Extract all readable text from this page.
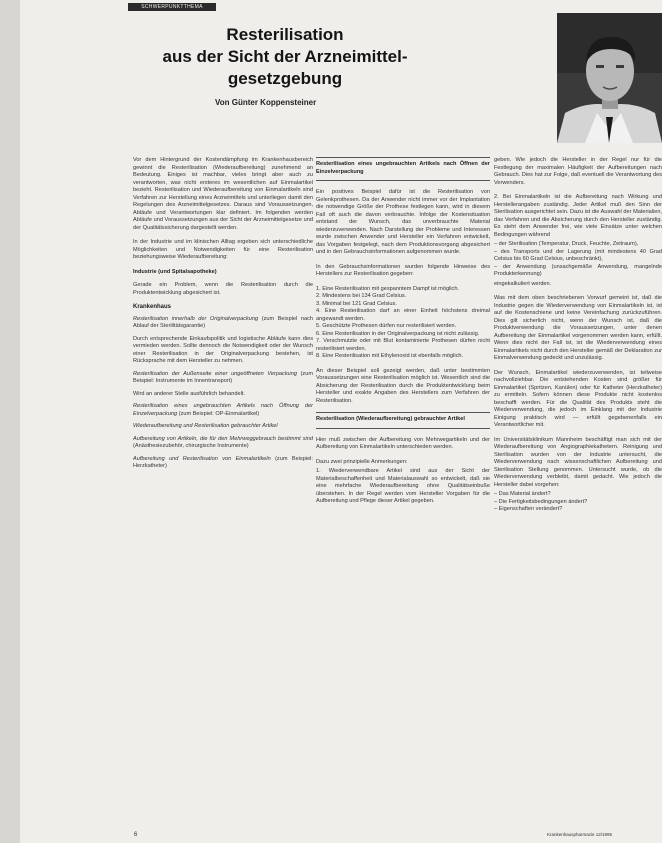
SCHWERPUNKTTHEMA
Resterilisation
aus der Sicht der Arzneimittel-
gesetzgebung
Von Günter Koppensteiner

Vor dem Hintergrund der Kostendämpfung im Krankenhausbereich gewinnt die Resterilisation (Wiederaufbereitung) zunehmend an Bedeutung. Einiges ist machbar, vieles bringt aber auch zu verantworten, was nicht ersteres im wesentlichen auf Einmalartikel bezieht. Resterilisation und Wiederaufbereitung von Einmalartikeln sind Verfahren zur Herstellung eines Arzneimittels und unterliegen damit den Regelungen des Arzneimittelgesetzes. Daraus sind Voraussetzungen, Abläufe und Verantwortungen klar definiert. Im folgenden werden Abläufe und Voraussetzungen aus der Sicht der Arzneimittelgesetze und der Qualitätssicherung dargestellt werden.

In der Industrie und im klinischen Alltag ergeben sich unterschiedliche Möglichkeiten und Notwendigkeiten für eine Resterilisation beziehungsweise Wiederaufbereitung:

Industrie (und Spitalsapotheke)

Gerade ein Problem, wenn die Resterilisation durch die Produktentwicklung abgesichert ist.

Krankenhaus

Resterilisation innerhalb der Originalverpackung (zum Beispiel nach Ablauf der Sterilitätsgarantie)

Durch entsprechende Einkaufspolitik und logistische Abläufe kann dies vermieden werden. Sollte dennoch die Notwendigkeit oder der Wunsch einer Resterilisation in der Originalverpackung bestehen, ist Rücksprache mit dem Hersteller zu nehmen.

Resterilisation der Außenseite einer ungeöffneten Verpackung (zum Beispiel: Instrumente im Innentransport)

Wird an anderer Stelle ausführlich behandelt.

Resterilisation eines ungebrauchten Artikels nach Öffnung der Einzelverpackung (zum Beispiel: OP-Einmalartikel)

Wiederaufbereitung und Resterilisation gebrauchter Artikel

Aufbereitung von Artikeln, die für den Mehrweggebrauch bestimmt sind (Anästhesiezubehör, chirurgische Instrumente)

Aufbereitung und Resterilisation von Einmalartikeln (zum Beispiel: Herzkatheter)

Resterilisation eines ungebrauchten Artikels nach Öffnen der Einzelverpackung

Ein positives Beispiel dafür ist die Resterilisation von Gelenkprothesen. Da der Anwender nicht immer vor der Implantation die notwendige Größe der Prothese festlegen kann, wird in diesem Fall oft auch die davon verbrauchte. Infolge der Kostensituation entstand der Wunsch, das unverbrauchte Material wiederzuverwenden. Nach Darstellung der Probleme und Interessen wurde zwischen Anwender und Hersteller ein Verfahren entwickelt, das Vorgaben festgelegt, nach dem Produktionsvorgang abgesichert und in den Gebrauchsinformationen aufgenommen wurde.

In den Gebrauchsinformationen wurden folgende Hinweise des Herstellers zur Resterilisation gegeben:

1. Eine Resterilisation mit gespanntem Dampf ist möglich.
2. Mindestens bei 134 Grad Celsius.
3. Minimal bei 121 Grad Celsius.
4. Eine Resterilisation darf an einer Einheit höchstens dreimal angewandt werden.
5. Geschützte Prothesen dürfen nur resterilisiert werden.
6. Eine Resterilisation in der Originalverpackung ist nicht zulässig.
7. Verschmutzte oder mit Blut kontaminierte Prothesen dürfen nicht resterilisiert werden.
8. Eine Resterilisation mit Ethylenoxid ist ebenfalls möglich.

An dieser Beispiel soll gezeigt werden, daß unter bestimmten Voraussetzungen eine Resterilisation möglich ist. Wesentlich sind die Absicherung der Resterilisation durch die Produktentwicklung beim Hersteller und exakte Angaben des Herstellers zum Verfahren der Resterilisation.

Resterilisation (Wiederaufbereitung) gebrauchter Artikel

Hier muß zwischen der Aufbereitung von Mehrwegartikeln und der Aufbereitung von Einmalartikeln unterschieden werden.

Dazu zwei prinzipielle Anmerkungen:

1. Wiederverwendbare Artikel sind aus der Sicht der Materialbeschaffenheit und Materialauswahl so entwickelt, daß sie eine mehrfache Wiederaufbereitung ohne Qualitätseinbuße überstehen. In der Regel werden vom Hersteller Vorgaben für die Aufbereitung und Pflege dieser Artikel gegeben.

geben. Wie jedoch die Hersteller in der Regel nur für die Festlegung der maximalen Häufigkeit der Aufbereitungen nach Gebrauch. Dies hat zur Folge, daß eventuell die Verantwortung des Verwenders.

2. Bei Einmalartikeln ist die Aufbereitung nach Wirkung und Herstellerangaben zuständig. Jeder Artikel muß den Sinn der Sterilisation ausgerichtet sein. Dazu ist die Auswahl der Materialien, das Verfahren und die Absicherung durch den Hersteller zuständig. Es steht dem Anwender frei, wie viele Einsätze unter welchen Bedingungen während

– der Sterilisation (Temperatur, Druck, Feuchte, Zeitraum),
– des Transports und der Lagerung (mit mindestens 40 Grad Celsius bis 60 Grad Celsius, unbeschränkt),
– der Anwendung (unsachgemäße Anwendung, mangelnde Produkterkennung)

eingekalkuliert werden.

Was mit dem oben beschriebenen Vorwurf gemeint ist, daß die Industrie gegen die Wiederverwendung von Einmalartikeln ist, ist auf die Kostenschiene und keine Vereinfachung zurückzuführen. Dies gilt sicherlich nicht, wenn der Wunsch ist, daß die Produktverwendung die Voraussetzungen, unter denen Aufbereitung der Einmalartikel vorgenommen werden kann, erfüllt. Wenn dies nicht der Fall ist, ist die Wiederverwendung eines Einmalartikels nicht durch den Hersteller gemäß der Deklaration zur Einmalverwendung gedeckt und unzulässig.

Der Wunsch, Einmalartikel wiederzuverwenden, ist teilweise nachvollziehbar. Die entstehenden Kosten sind größer für Einmalartikel (Spritzen, Kanülen) oder für Katheter (Herzkatheter) zu ermitteln. Sofern können diese Produkte nicht kostenlos beschafft werden. Für die Qualität des Produkts steht die Wiederverwendung, die jedoch im Einklang mit der Industrie Einigung praktisch wird — erfüllt gegebenenfalls ein Verantwortlicher mit.

Im Universitätsklinikum Mannheim beschäftigt man sich mit der Wiederaufbereitung von Angiographiekathetern. Reinigung und Sterilisation wurden von der Industrie untersucht, die Wiederverwendung nach wissenschaftlichen Aufbereitung und Sterilisation Stellung genommen. Untersucht wurde, ob die Wiederverwendung verbleibt, damit gedacht. Wie jedoch die Hersteller dabei vorgehen:

– Das Material ändert?
– Die Fertigkeitsbedingungen ändert?
– Eigenschaften verändert?
6	Krankenhauspharmazie 12/1995
